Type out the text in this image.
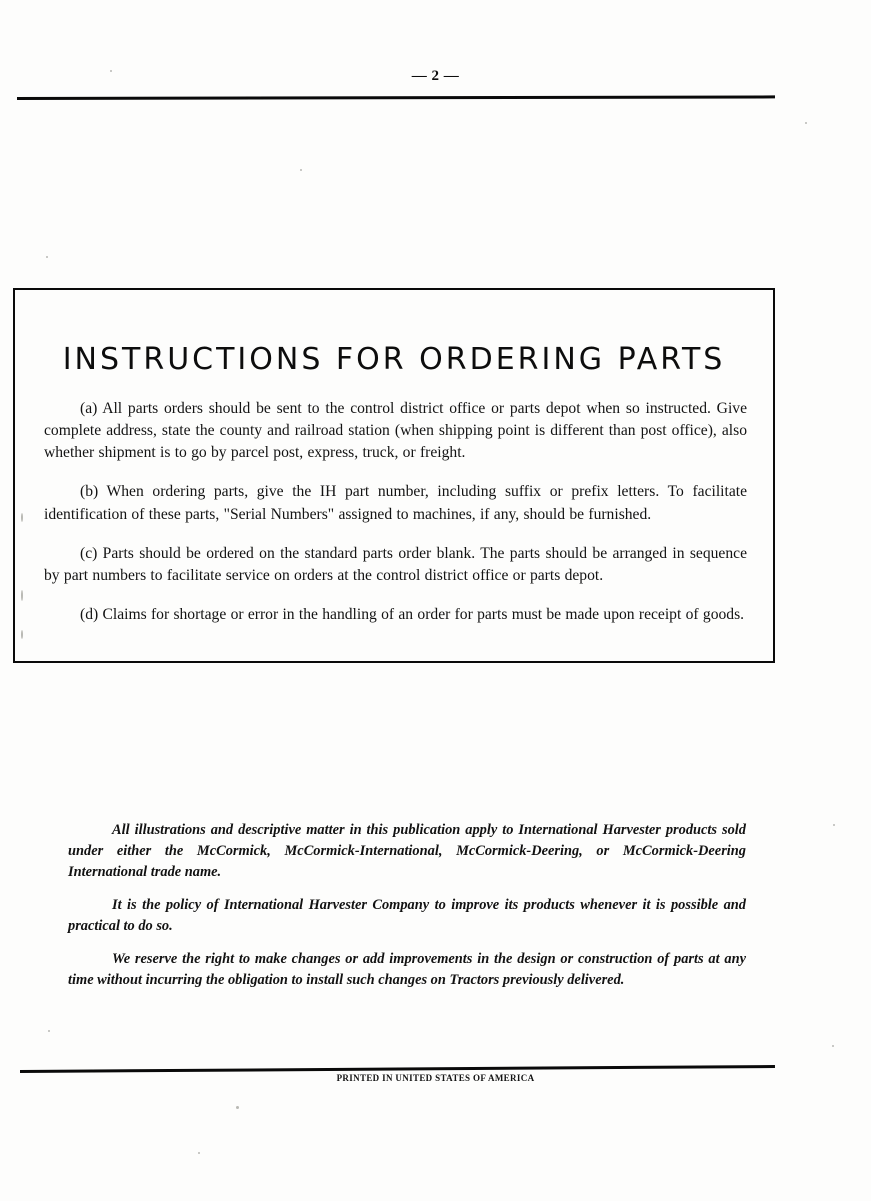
— 2 —
INSTRUCTIONS FOR ORDERING PARTS

(a) All parts orders should be sent to the control district office or parts depot when so instructed. Give complete address, state the county and railroad station (when shipping point is different than post office), also whether shipment is to go by parcel post, express, truck, or freight.

(b) When ordering parts, give the IH part number, including suffix or prefix letters. To facilitate identification of these parts, "Serial Numbers" assigned to machines, if any, should be furnished.

(c) Parts should be ordered on the standard parts order blank. The parts should be arranged in sequence by part numbers to facilitate service on orders at the control district office or parts depot.

(d) Claims for shortage or error in the handling of an order for parts must be made upon receipt of goods.

All illustrations and descriptive matter in this publication apply to International Harvester products sold under either the McCormick, McCormick-International, McCormick-Deering, or McCormick-Deering International trade name.

It is the policy of International Harvester Company to improve its products whenever it is possible and practical to do so.

We reserve the right to make changes or add improvements in the design or construction of parts at any time without incurring the obligation to install such changes on Tractors previously delivered.

PRINTED IN UNITED STATES OF AMERICA
